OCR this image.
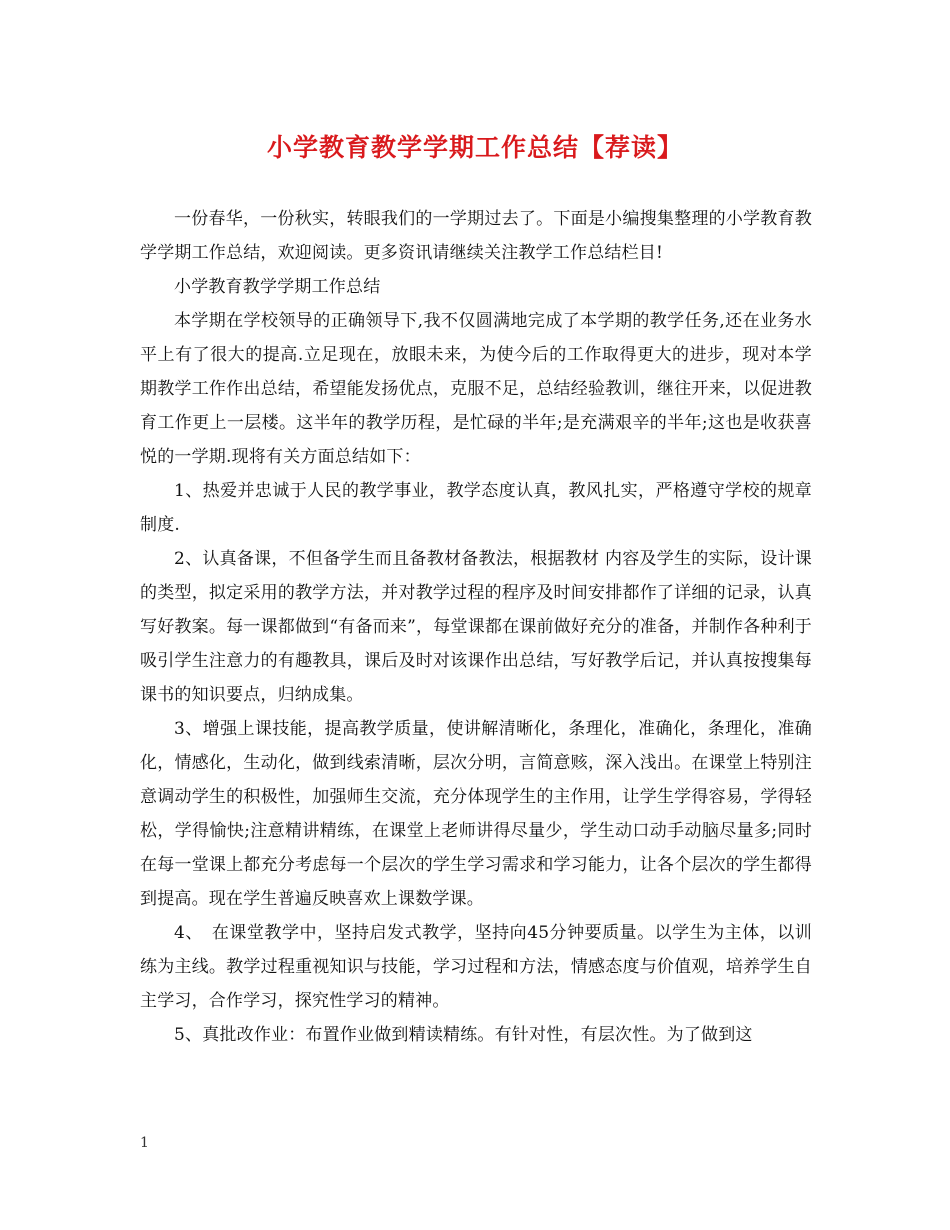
小学教育教学学期工作总结【荐读】

一份春华，一份秋实，转眼我们的一学期过去了。下面是小编搜集整理的小学教育教学学期工作总结，欢迎阅读。更多资讯请继续关注教学工作总结栏目!

小学教育教学学期工作总结

本学期在学校领导的正确领导下,我不仅圆满地完成了本学期的教学任务,还在业务水平上有了很大的提高.立足现在，放眼未来，为使今后的工作取得更大的进步，现对本学期教学工作作出总结，希望能发扬优点，克服不足，总结经验教训，继往开来，以促进教育工作更上一层楼。这半年的教学历程，是忙碌的半年;是充满艰辛的半年;这也是收获喜悦的一学期.现将有关方面总结如下：

1、热爱并忠诚于人民的教学事业，教学态度认真，教风扎实，严格遵守学校的规章制度.

2、认真备课，不但备学生而且备教材备教法，根据教材 内容及学生的实际，设计课的类型，拟定采用的教学方法，并对教学过程的程序及时间安排都作了详细的记录，认真写好教案。每一课都做到“有备而来”，每堂课都在课前做好充分的准备，并制作各种利于吸引学生注意力的有趣教具，课后及时对该课作出总结，写好教学后记，并认真按搜集每课书的知识要点，归纳成集。

3、增强上课技能，提高教学质量，使讲解清晰化，条理化，准确化，条理化，准确化，情感化，生动化，做到线索清晰，层次分明，言简意赅，深入浅出。在课堂上特别注意调动学生的积极性，加强师生交流，充分体现学生的主作用，让学生学得容易，学得轻松，学得愉快;注意精讲精练，在课堂上老师讲得尽量少，学生动口动手动脑尽量多;同时在每一堂课上都充分考虑每一个层次的学生学习需求和学习能力，让各个层次的学生都得到提高。现在学生普遍反映喜欢上课数学课。

4、　在课堂教学中，坚持启发式教学，坚持向45分钟要质量。以学生为主体，以训练为主线。教学过程重视知识与技能，学习过程和方法，情感态度与价值观，培养学生自主学习，合作学习，探究性学习的精神。

5、真批改作业：布置作业做到精读精练。有针对性，有层次性。为了做到这

1
